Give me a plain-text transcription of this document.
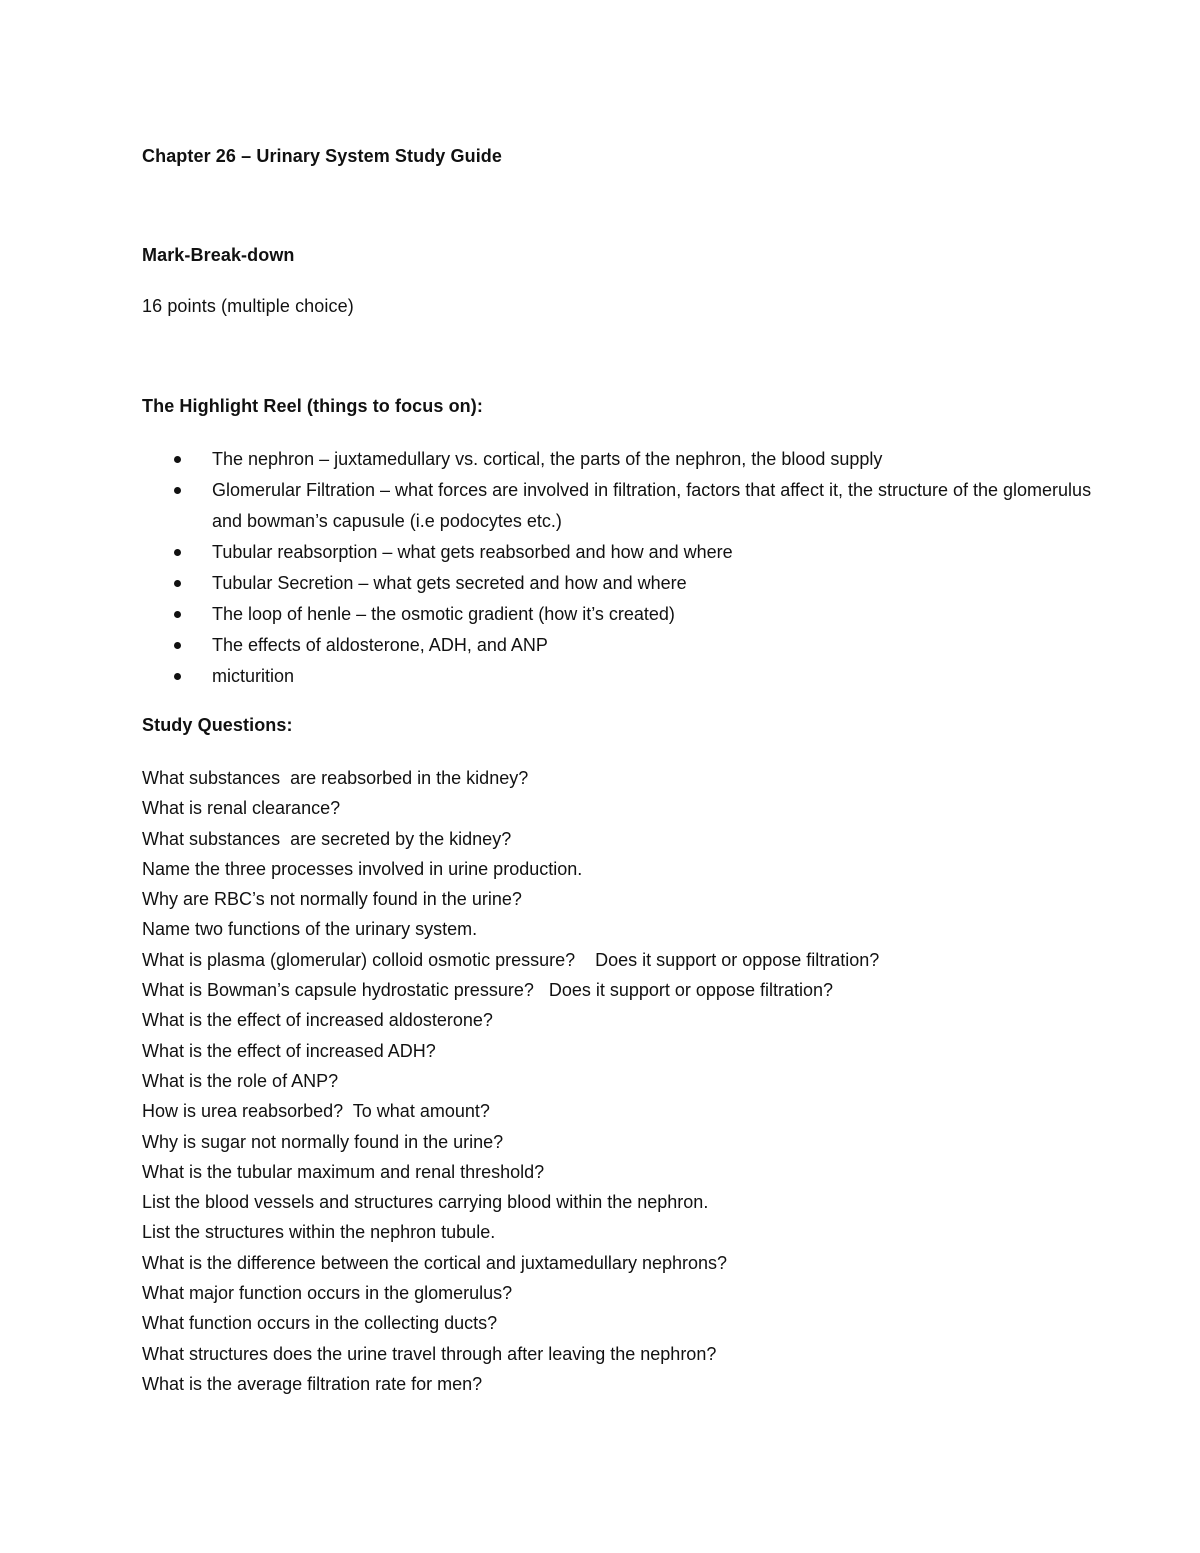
Chapter 26 – Urinary System Study Guide
Mark-Break-down
16 points (multiple choice)
The Highlight Reel (things to focus on):
The nephron – juxtamedullary vs. cortical, the parts of the nephron, the blood supply
Glomerular Filtration – what forces are involved in filtration, factors that affect it, the structure of the glomerulus and bowman’s capusule (i.e podocytes etc.)
Tubular reabsorption – what gets reabsorbed and how and where
Tubular Secretion – what gets secreted and how and where
The loop of henle – the osmotic gradient (how it’s created)
The effects of aldosterone, ADH, and ANP
micturition
Study Questions:
What substances  are reabsorbed in the kidney?
What is renal clearance?
What substances  are secreted by the kidney?
Name the three processes involved in urine production.
Why are RBC’s not normally found in the urine?
Name two functions of the urinary system.
What is plasma (glomerular) colloid osmotic pressure?    Does it support or oppose filtration?
What is Bowman’s capsule hydrostatic pressure?   Does it support or oppose filtration?
What is the effect of increased aldosterone?
What is the effect of increased ADH?
What is the role of ANP?
How is urea reabsorbed?  To what amount?
Why is sugar not normally found in the urine?
What is the tubular maximum and renal threshold?
List the blood vessels and structures carrying blood within the nephron.
List the structures within the nephron tubule.
What is the difference between the cortical and juxtamedullary nephrons?
What major function occurs in the glomerulus?
What function occurs in the collecting ducts?
What structures does the urine travel through after leaving the nephron?
What is the average filtration rate for men?
